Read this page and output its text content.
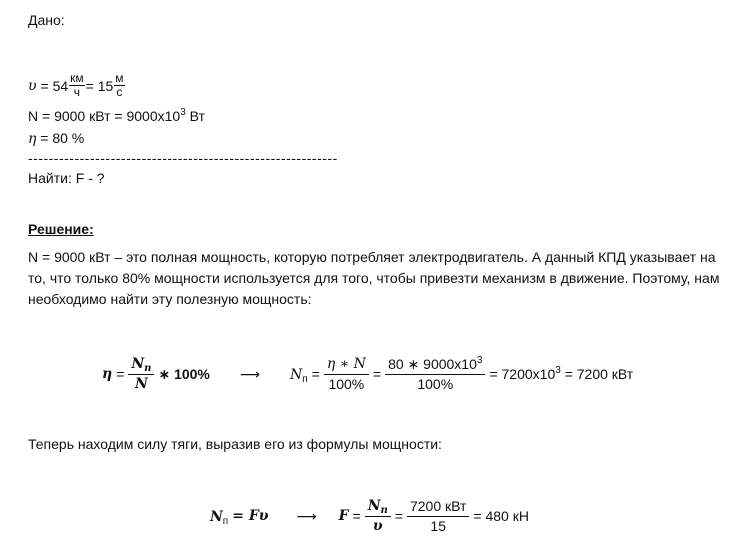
Дано:
$\upsilon = 54 \frac{км}{ч} = 15 \frac{м}{с}$
N = 9000 кВт = $9000х10^3$ Вт
η = 80 %
------------------------------------------------------------
Найти: F - ?
Решение:
N = 9000 кВт – это полная мощность, которую потребляет электродвигатель. А данный КПД указывает на то, что только 80% мощности используется для того, чтобы привезти механизм в движение. Поэтому, нам необходимо найти эту полезную мощность:
$\eta = \frac{N_п}{N}$ ∗ 100% ⟶ $N_п = \frac{\eta ∗ N}{100\%} = \frac{80 ∗ 9000х10^3}{100\%} = 7200х10^3 = 7200$ кВт
Теперь находим силу тяги, выразив его из формулы мощности:
$N_п = F\upsilon$ ⟶ $F = \frac{N_п}{\upsilon} = \frac{\text{7200 кВт}}{15} = 480$ кН
